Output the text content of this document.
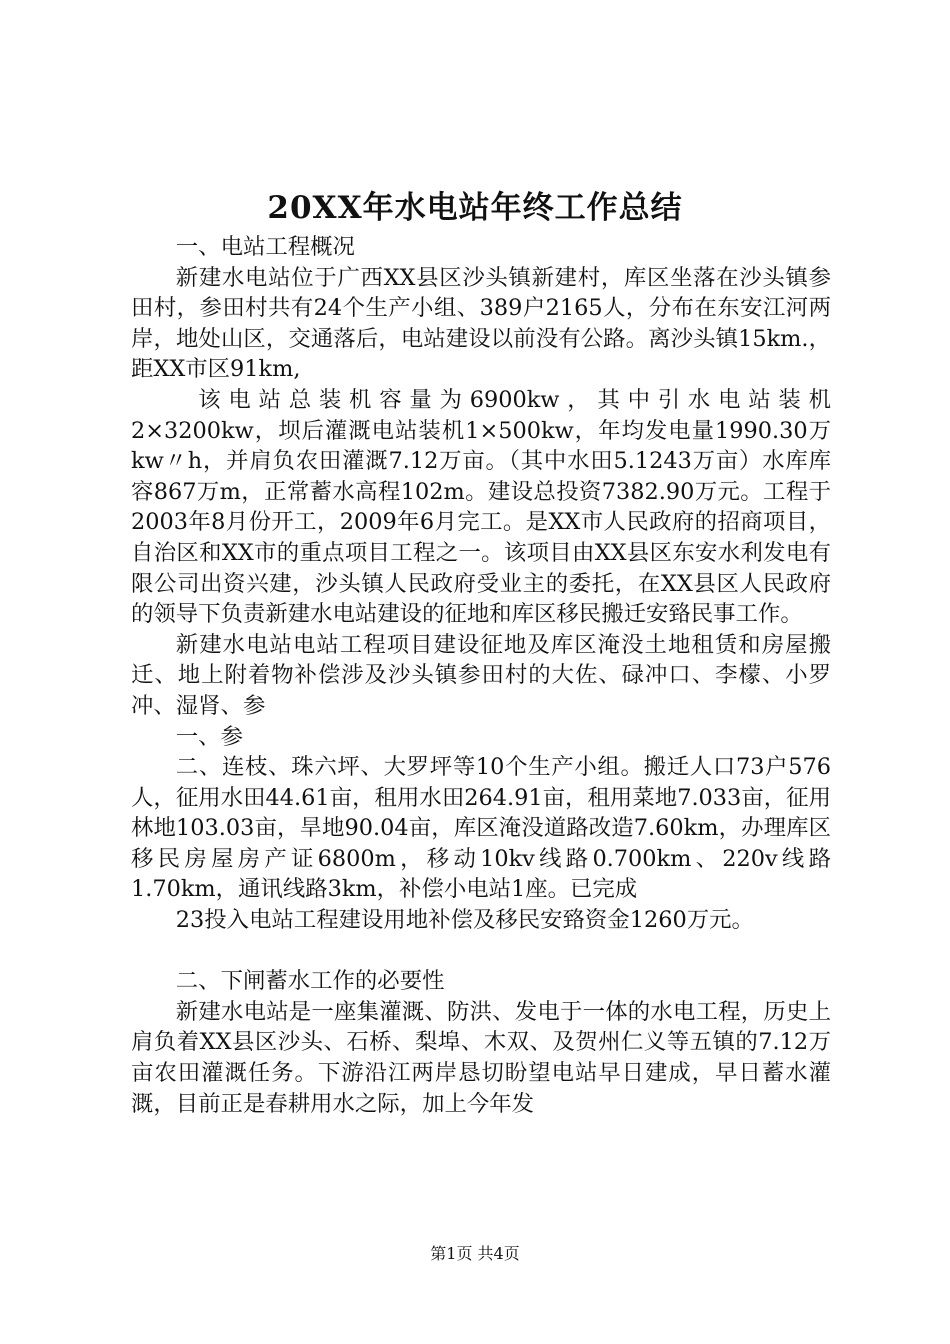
20XX年水电站年终工作总结

一、电站工程概况

新建水电站位于广西XX县区沙头镇新建村，库区坐落在沙头镇参田村，参田村共有24个生产小组、389户2165人，分布在东安江河两岸，地处山区，交通落后，电站建设以前没有公路。离沙头镇15km.，距XX市区91km,

该电站总装机容量为6900kw，其中引水电站装机2×3200kw，坝后灌溉电站装机1×500kw，年均发电量1990.30万kw〃h，并肩负农田灌溉7.12万亩。（其中水田5.1243万亩）水库库容867万m，正常蓄水高程102m。建设总投资7382.90万元。工程于2003年8月份开工，2009年6月完工。是XX市人民政府的招商项目，自治区和XX市的重点项目工程之一。该项目由XX县区东安水利发电有限公司出资兴建，沙头镇人民政府受业主的委托，在XX县区人民政府的领导下负责新建水电站建设的征地和库区移民搬迁安臵民事工作。

新建水电站电站工程项目建设征地及库区淹没土地租赁和房屋搬迁、地上附着物补偿涉及沙头镇参田村的大佐、碌冲口、李檬、小罗冲、湿肾、参

一、参

二、连枝、珠六坪、大罗坪等10个生产小组。搬迁人口73户576人，征用水田44.61亩，租用水田264.91亩，租用菜地7.033亩，征用林地103.03亩，旱地90.04亩，库区淹没道路改造7.60km，办理库区移民房屋房产证6800m，移动10kv线路0.700km、220v线路1.70km，通讯线路3km，补偿小电站1座。已完成

23投入电站工程建设用地补偿及移民安臵资金1260万元。

二、下闸蓄水工作的必要性

新建水电站是一座集灌溉、防洪、发电于一体的水电工程，历史上肩负着XX县区沙头、石桥、梨埠、木双、及贺州仁义等五镇的7.12万亩农田灌溉任务。下游沿江两岸恳切盼望电站早日建成，早日蓄水灌溉，目前正是春耕用水之际，加上今年发

第1页 共4页
